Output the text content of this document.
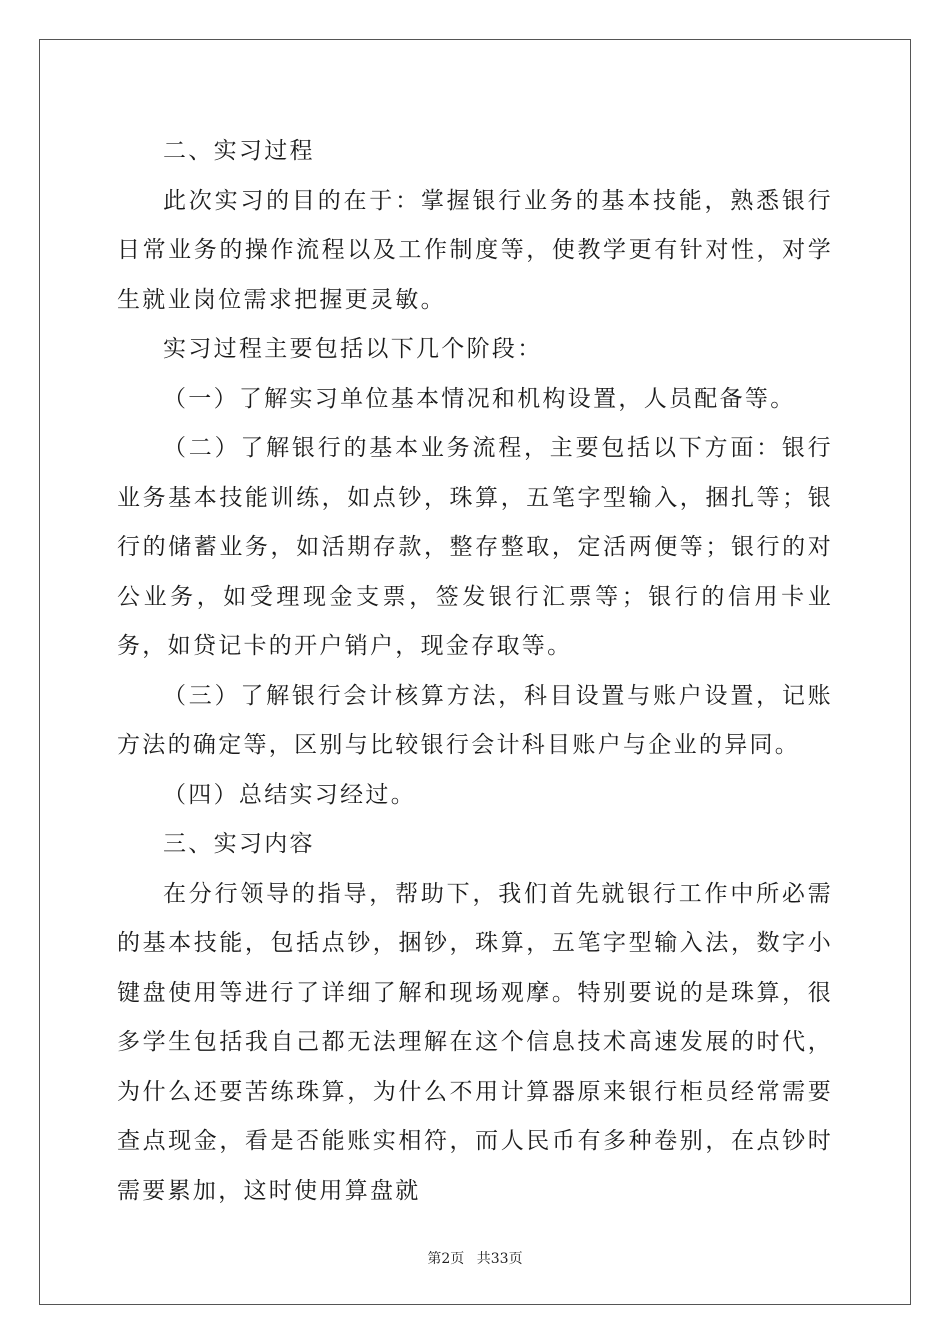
二、实习过程

此次实习的目的在于：掌握银行业务的基本技能，熟悉银行日常业务的操作流程以及工作制度等，使教学更有针对性，对学生就业岗位需求把握更灵敏。

实习过程主要包括以下几个阶段：

（一）了解实习单位基本情况和机构设置，人员配备等。

（二）了解银行的基本业务流程，主要包括以下方面：银行业务基本技能训练，如点钞，珠算，五笔字型输入，捆扎等；银行的储蓄业务，如活期存款，整存整取，定活两便等；银行的对公业务，如受理现金支票，签发银行汇票等；银行的信用卡业务，如贷记卡的开户销户，现金存取等。

（三）了解银行会计核算方法，科目设置与账户设置，记账方法的确定等，区别与比较银行会计科目账户与企业的异同。

（四）总结实习经过。

三、实习内容

在分行领导的指导，帮助下，我们首先就银行工作中所必需的基本技能，包括点钞，捆钞，珠算，五笔字型输入法，数字小键盘使用等进行了详细了解和现场观摩。特别要说的是珠算，很多学生包括我自己都无法理解在这个信息技术高速发展的时代，为什么还要苦练珠算，为什么不用计算器原来银行柜员经常需要查点现金，看是否能账实相符，而人民币有多种卷别，在点钞时需要累加，这时使用算盘就

第2页 共33页
